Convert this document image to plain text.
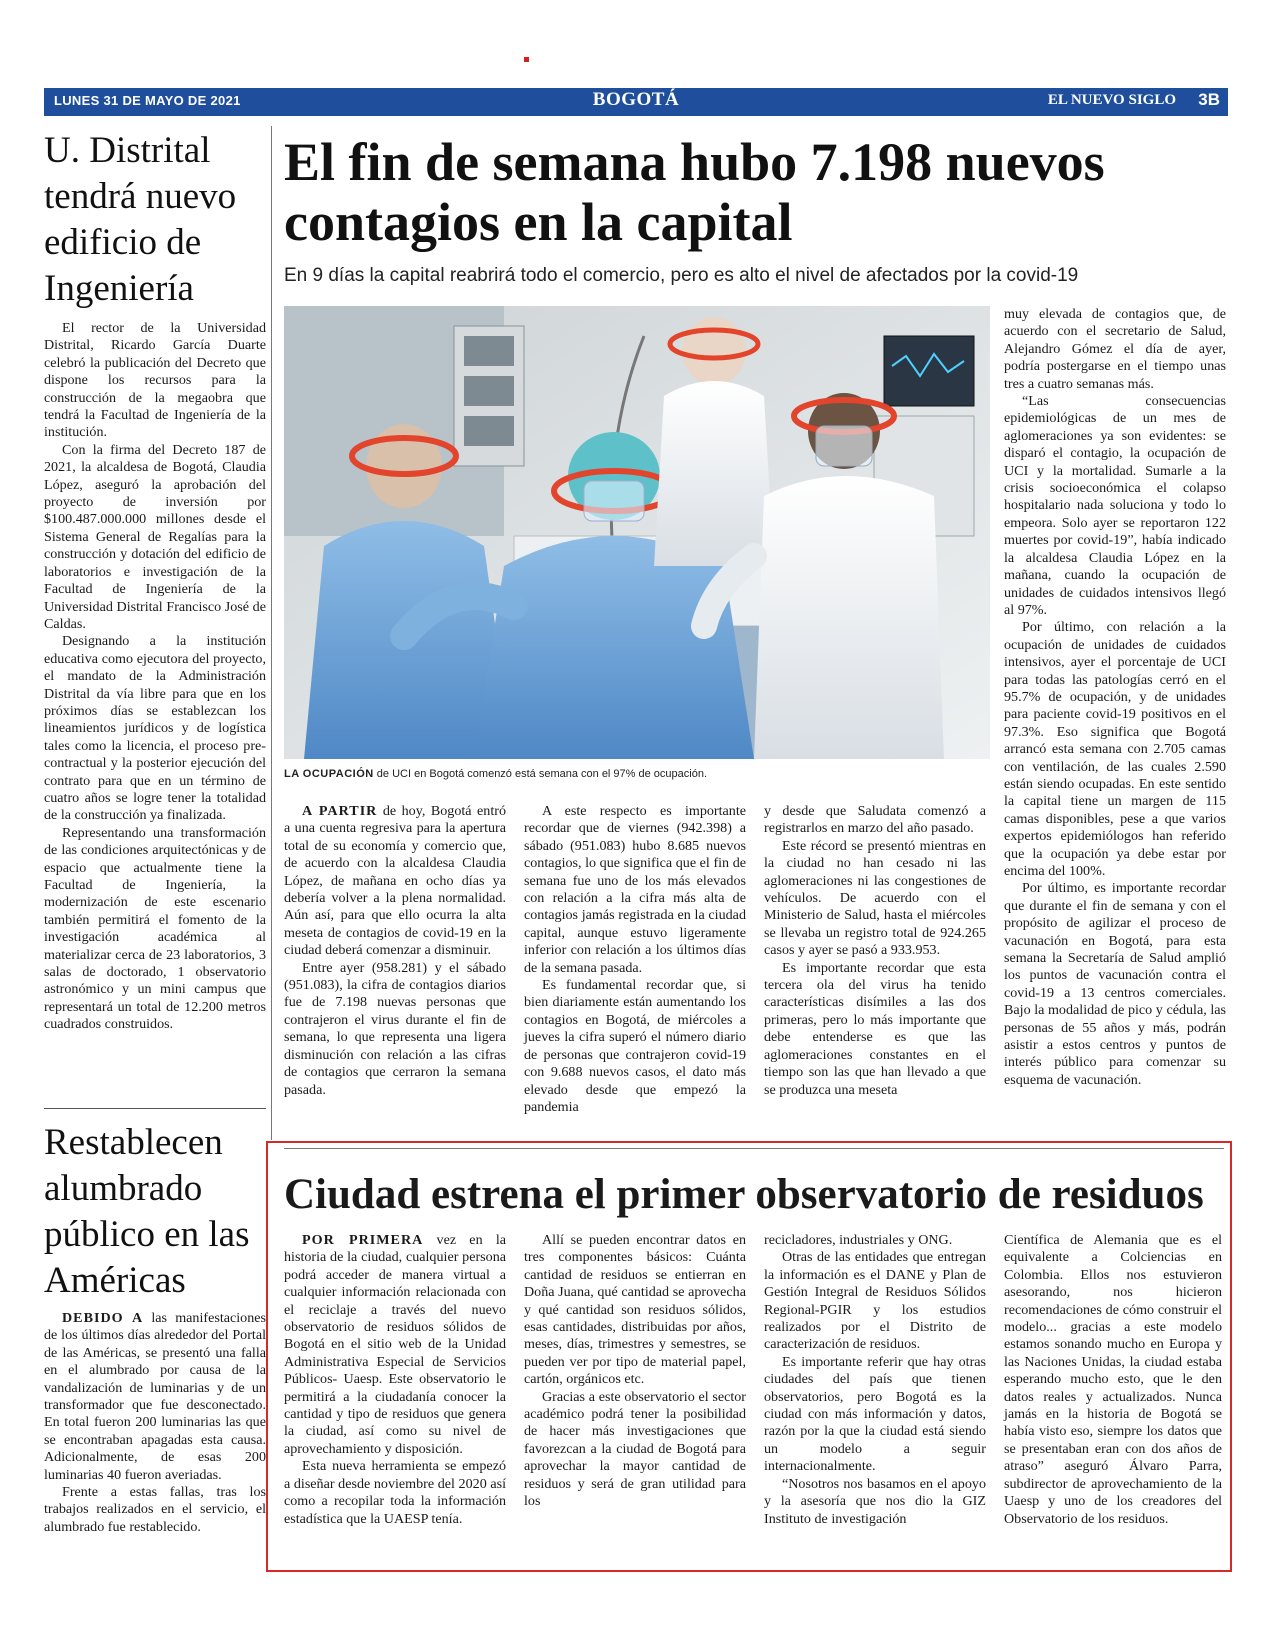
LUNES 31 DE MAYO DE 2021	BOGOTÁ	EL NUEVO SIGLO 3B
U. Distrital tendrá nuevo edificio de Ingeniería

El rector de la Universidad Distrital, Ricardo García Duarte celebró la publicación del Decreto que dispone los recursos para la construcción de la megaobra que tendrá la Facultad de Ingeniería de la institución.

Con la firma del Decreto 187 de 2021, la alcaldesa de Bogotá, Claudia López, aseguró la aprobación del proyecto de inversión por $100.487.000.000 millones desde el Sistema General de Regalías para la construcción y dotación del edificio de laboratorios e investigación de la Facultad de Ingeniería de la Universidad Distrital Francisco José de Caldas.

Designando a la institución educativa como ejecutora del proyecto, el mandato de la Administración Distrital da vía libre para que en los próximos días se establezcan los lineamientos jurídicos y de logística tales como la licencia, el proceso pre-contractual y la posterior ejecución del contrato para que en un término de cuatro años se logre tener la totalidad de la construcción ya finalizada.

Representando una transformación de las condiciones arquitectónicas y de espacio que actualmente tiene la Facultad de Ingeniería, la modernización de este escenario también permitirá el fomento de la investigación académica al materializar cerca de 23 laboratorios, 3 salas de doctorado, 1 observatorio astronómico y un mini campus que representará un total de 12.200 metros cuadrados construidos.

Restablecen alumbrado público en las Américas

DEBIDO A las manifestaciones de los últimos días alrededor del Portal de las Américas, se presentó una falla en el alumbrado por causa de la vandalización de luminarias y de un transformador que fue desconectado. En total fueron 200 luminarias las que se encontraban apagadas esta causa. Adicionalmente, de esas 200 luminarias 40 fueron averiadas.

Frente a estas fallas, tras los trabajos realizados en el servicio, el alumbrado fue restablecido.

El fin de semana hubo 7.198 nuevos contagios en la capital
En 9 días la capital reabrirá todo el comercio, pero es alto el nivel de afectados por la covid-19
LA OCUPACIÓN de UCI en Bogotá comenzó está semana con el 97% de ocupación.

A PARTIR de hoy, Bogotá entró a una cuenta regresiva para la apertura total de su economía y comercio que, de acuerdo con la alcaldesa Claudia López, de mañana en ocho días ya debería volver a la plena normalidad. Aún así, para que ello ocurra la alta meseta de contagios de covid-19 en la ciudad deberá comenzar a disminuir.

Entre ayer (958.281) y el sábado (951.083), la cifra de contagios diarios fue de 7.198 nuevas personas que contrajeron el virus durante el fin de semana, lo que representa una ligera disminución con relación a las cifras de contagios que cerraron la semana pasada.

A este respecto es importante recordar que de viernes (942.398) a sábado (951.083) hubo 8.685 nuevos contagios, lo que significa que el fin de semana fue uno de los más elevados con relación a la cifra más alta de contagios jamás registrada en la ciudad capital, aunque estuvo ligeramente inferior con relación a los últimos días de la semana pasada.

Es fundamental recordar que, si bien diariamente están aumentando los contagios en Bogotá, de miércoles a jueves la cifra superó el número diario de personas que contrajeron covid-19 con 9.688 nuevos casos, el dato más elevado desde que empezó la pandemia

y desde que Saludata comenzó a registrarlos en marzo del año pasado.

Este récord se presentó mientras en la ciudad no han cesado ni las aglomeraciones ni las congestiones de vehículos. De acuerdo con el Ministerio de Salud, hasta el miércoles se llevaba un registro total de 924.265 casos y ayer se pasó a 933.953.

Es importante recordar que esta tercera ola del virus ha tenido características disímiles a las dos primeras, pero lo más importante que debe entenderse es que las aglomeraciones constantes en el tiempo son las que han llevado a que se produzca una meseta

muy elevada de contagios que, de acuerdo con el secretario de Salud, Alejandro Gómez el día de ayer, podría postergarse en el tiempo unas tres a cuatro semanas más.

“Las consecuencias epidemiológicas de un mes de aglomeraciones ya son evidentes: se disparó el contagio, la ocupación de UCI y la mortalidad. Sumarle a la crisis socioeconómica el colapso hospitalario nada soluciona y todo lo empeora. Solo ayer se reportaron 122 muertes por covid-19”, había indicado la alcaldesa Claudia López en la mañana, cuando la ocupación de unidades de cuidados intensivos llegó al 97%.

Por último, con relación a la ocupación de unidades de cuidados intensivos, ayer el porcentaje de UCI para todas las patologías cerró en el 95.7% de ocupación, y de unidades para paciente covid-19 positivos en el 97.3%. Eso significa que Bogotá arrancó esta semana con 2.705 camas con ventilación, de las cuales 2.590 están siendo ocupadas. En este sentido la capital tiene un margen de 115 camas disponibles, pese a que varios expertos epidemiólogos han referido que la ocupación ya debe estar por encima del 100%.

Por último, es importante recordar que durante el fin de semana y con el propósito de agilizar el proceso de vacunación en Bogotá, para esta semana la Secretaría de Salud amplió los puntos de vacunación contra el covid-19 a 13 centros comerciales. Bajo la modalidad de pico y cédula, las personas de 55 años y más, podrán asistir a estos centros y puntos de interés público para comenzar su esquema de vacunación.

Ciudad estrena el primer observatorio de residuos

POR PRIMERA vez en la historia de la ciudad, cualquier persona podrá acceder de manera virtual a cualquier información relacionada con el reciclaje a través del nuevo observatorio de residuos sólidos de Bogotá en el sitio web de la Unidad Administrativa Especial de Servicios Públicos- Uaesp. Este observatorio le permitirá a la ciudadanía conocer la cantidad y tipo de residuos que genera la ciudad, así como su nivel de aprovechamiento y disposición.

Esta nueva herramienta se empezó a diseñar desde noviembre del 2020 así como a recopilar toda la información estadística que la UAESP tenía.

Allí se pueden encontrar datos en tres componentes básicos: Cuánta cantidad de residuos se entierran en Doña Juana, qué cantidad se aprovecha y qué cantidad son residuos sólidos, esas cantidades, distribuidas por años, meses, días, trimestres y semestres, se pueden ver por tipo de material papel, cartón, orgánicos etc.

Gracias a este observatorio el sector académico podrá tener la posibilidad de hacer más investigaciones que favorezcan a la ciudad de Bogotá para aprovechar la mayor cantidad de residuos y será de gran utilidad para los

recicladores, industriales y ONG.

Otras de las entidades que entregan la información es el DANE y Plan de Gestión Integral de Residuos Sólidos Regional-PGIR y los estudios realizados por el Distrito de caracterización de residuos.

Es importante referir que hay otras ciudades del país que tienen observatorios, pero Bogotá es la ciudad con más información y datos, razón por la que la ciudad está siendo un modelo a seguir internacionalmente.

“Nosotros nos basamos en el apoyo y la asesoría que nos dio la GIZ Instituto de investigación

Científica de Alemania que es el equivalente a Colciencias en Colombia. Ellos nos estuvieron asesorando, nos hicieron recomendaciones de cómo construir el modelo... gracias a este modelo estamos sonando mucho en Europa y las Naciones Unidas, la ciudad estaba esperando mucho esto, que le den datos reales y actualizados. Nunca jamás en la historia de Bogotá se había visto eso, siempre los datos que se presentaban eran con dos años de atraso” aseguró Álvaro Parra, subdirector de aprovechamiento de la Uaesp y uno de los creadores del Observatorio de los residuos.
